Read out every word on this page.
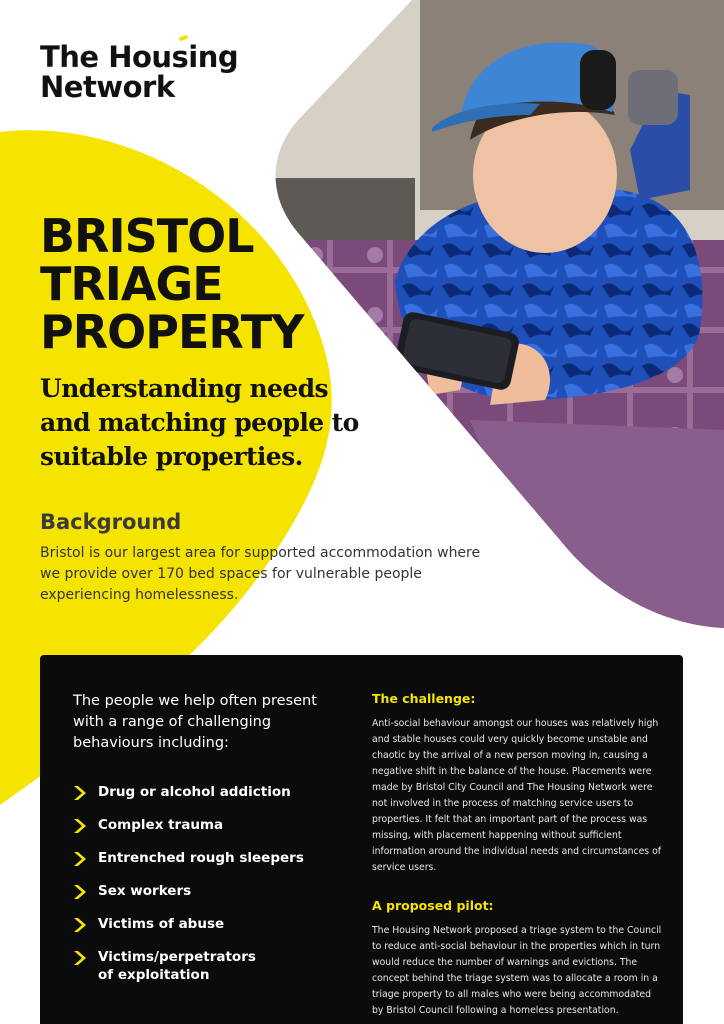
The Housing
Network
BRISTOL
TRIAGE
PROPERTY

Understanding needs and matching people to suitable properties.

Background

Bristol is our largest area for supported accommodation where we provide over 170 bed spaces for vulnerable people experiencing homelessness.

The people we help often present with a range of challenging behaviours including:

Drug or alcohol addiction
Complex trauma
Entrenched rough sleepers
Sex workers
Victims of abuse
Victims/perpetrators of exploitation
The challenge:

Anti-social behaviour amongst our houses was relatively high and stable houses could very quickly become unstable and chaotic by the arrival of a new person moving in, causing a negative shift in the balance of the house. Placements were made by Bristol City Council and The Housing Network were not involved in the process of matching service users to properties. It felt that an important part of the process was missing, with placement happening without sufficient information around the individual needs and circumstances of service users.

A proposed pilot:

The Housing Network proposed a triage system to the Council to reduce anti-social behaviour in the properties which in turn would reduce the number of warnings and evictions. The concept behind the triage system was to allocate a room in a triage property to all males who were being accommodated by Bristol Council following a homeless presentation.
